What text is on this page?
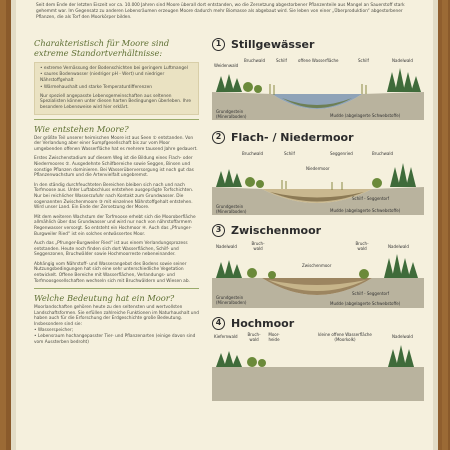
Seit dem Ende der letzten Eiszeit vor ca. 10.000 Jahren sind Moore überall dort entstanden, wo die Zersetzung abgestorbener Pflanzenteile aus Mangel an Sauerstoff stark gehemmt war. Im Gegensatz zu anderen Lebensräumen erzeugen Moore dadurch mehr Biomasse als abgebaut wird. Sie leben von einer „Überproduktion“ abgestorbener Pflanzen, die als Torf den Moorkörper bilden.

Charakteristisch für Moore sind extreme Standortverhältnisse:

• extreme Vernässung der Bodenschichten bei geringem Luftmangel
• saures Bodenwasser (niedriger pH - Wert) und niedriger Nährstoffgehalt
• Wärmehaushalt und starke Temperaturdifferenzen

Nur speziell angepasste Lebensgemeinschaften aus seltenen Spezialisten können unter diesen harten Bedingungen überleben. Ihre besondere Lebensweise wird hier erklärt.

Wie entstehen Moore?

Der größte Teil unserer heimischen Moore ist aus Seen ① entstanden. Von der Verlandung aber einer Sumpfgesellschaft bis zur vom Moor umgebenden offenen Wasserfläche hat es mehrere tausend Jahre gedauert.

Erstes Zwischenstadium auf diesem Weg ist die Bildung eines Flach- oder Niedermoores ②. Ausgedehnte Schilfbereiche sowie Seggen, Binsen und sonstige Pflanzen dominieren. Bei Wasserüberversorgung ist noch gut das Pflanzenwachstum und die Artenvielfalt ungebremst.

In den ständig durchfeuchteten Bereichen bleiben sich nach und nach Torfmoose aus. Unter Luftabschluss entstehen ausgeprägte Torfschichten. Nur bei reichlicher Wasserzufuhr nach Kontakt zum Grundwasser. Die sogenannten Zwischenmoore ③ mit einzelnen Nährstoffgehalt entstehen. Wird unser Land. Ein Ende der Zersetzung der Moore.

Mit dem weiteren Wachstum der Torfmoose erhebt sich die Mooroberfläche allmählich über das Grundwasser und wird nur noch von nährstoffarmem Regenwasser versorgt. So entsteht ein Hochmoor ④. Auch das „Pfrunger-Burgweiler Ried“ ist ein solches entwässertes Moor.

Auch das „Pfrunger-Burgweiler Ried“ ist aus einem Verlandungsprozess entstanden. Heute noch finden sich dort Wasserflächen, Schilf- und Seggenzonen, Bruchwälder sowie Hochmoorreste nebeneinander.

Abhängig vom Nährstoff- und Wasserangebot des Bodens sowie seiner Nutzungsbedingungen hat sich eine sehr unterschiedliche Vegetation entwickelt. Offene Bereiche mit Wasserflächen, Verlandungs- und Torfmoosgesellschaften wechseln sich mit Bruchwäldern und Wiesen ab.

Welche Bedeutung hat ein Moor?

Moorlandschaften gehören heute zu den seltensten und wertvollsten Landschaftsformen. Sie erfüllen zahlreiche Funktionen im Naturhaushalt und haben auch für die Erforschung der Erdgeschichte große Bedeutung. Insbesondere sind sie:

• Wasserspeicher;
• Lebensraum hochangepasster Tier- und Pflanzenarten (einige davon sind vom Aussterben bedroht)
1 Stillgewässer
Weidenwald
Bruchwald	Schilf	offene Wasserfläche	Schilf	Nadelwald
Grundgestein (Mineralboden)	Mudde (abgelagerte Schwebstoffe)
2 Flach- / Niedermoor
Bruchwald	Schilf	Seggenried	Bruchwald
Niedermoor
Grundgestein (Mineralboden)	Mudde (abgelagerte Schwebstoffe)
Schilf - Seggentorf
3 Zwischenmoor
Nadelwald
Bruch- wald
Bruch- wald	Nadelwald
Zwischenmoor
Schilf - Seggentorf
Grundgestein (Mineralboden)	Mudde (abgelagerte Schwebstoffe)
4 Hochmoor
Kiefernwald	Bruch- wald
Moor- heide
kleine offene Wasserfläche (Moorkolk)
Nadelwald
